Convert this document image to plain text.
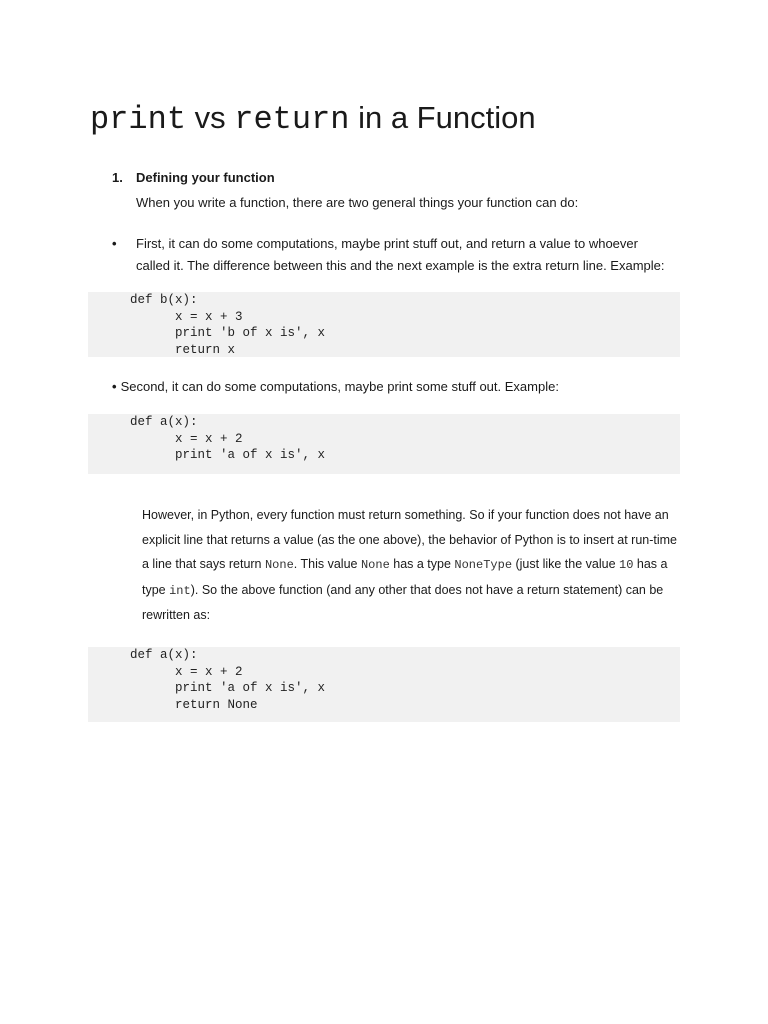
print vs return in a Function
1. Defining your function
When you write a function, there are two general things your function can do:
• First, it can do some computations, maybe print stuff out, and return a value to whoever called it. The difference between this and the next example is the extra return line. Example:
def b(x):
x = x + 3
print 'b of x is', x
return x
• Second, it can do some computations, maybe print some stuff out. Example:
def a(x):
x = x + 2
print 'a of x is', x
However, in Python, every function must return something. So if your function does not have an explicit line that returns a value (as the one above), the behavior of Python is to insert at run-time a line that says return None. This value None has a type NoneType (just like the value 10 has a type int). So the above function (and any other that does not have a return statement) can be rewritten as:
def a(x):
x = x + 2
print 'a of x is', x
return None
